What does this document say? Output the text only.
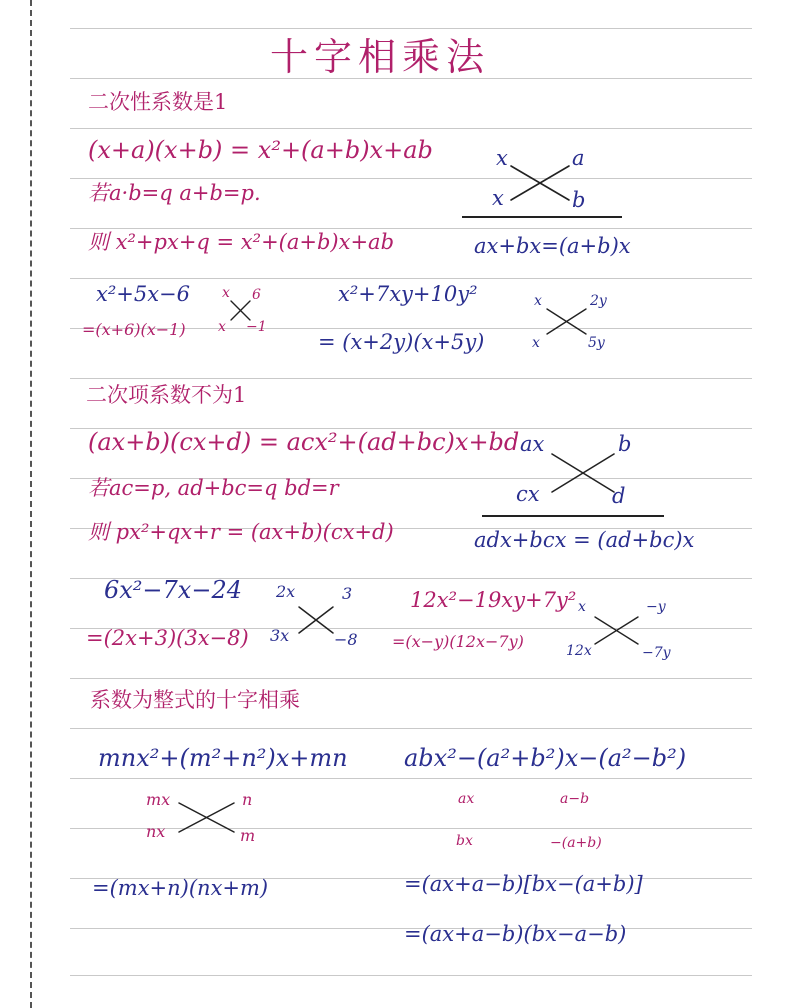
十字相乘法
二次性系数是1
(x+a)(x+b) = x²+(a+b)x+ab
若a·b=q a+b=p.
则 x²+px+q = x²+(a+b)x+ab
x	a
x	b
ax+bx=(a+b)x
x²+5x−6
=(x+6)(x−1)
x 6
x −1
x²+7xy+10y²
= (x+2y)(x+5y)
x	2y
x	5y
二次项系数不为1
(ax+b)(cx+d) = acx²+(ad+bc)x+bd
若ac=p, ad+bc=q bd=r
则 px²+qx+r = (ax+b)(cx+d)
ax	b
cx	d
adx+bcx = (ad+bc)x
6x²−7x−24
=(2x+3)(3x−8)
2x	3
3x	−8
12x²−19xy+7y²
=(x−y)(12x−7y)
x	−y
12x	−7y
系数为整式的十字相乘
mnx²+(m²+n²)x+mn
mx	n
nx	m
=(mx+n)(nx+m)
abx²−(a²+b²)x−(a²−b²)
ax	a−b
bx	−(a+b)
=(ax+a−b)[bx−(a+b)]
=(ax+a−b)(bx−a−b)
